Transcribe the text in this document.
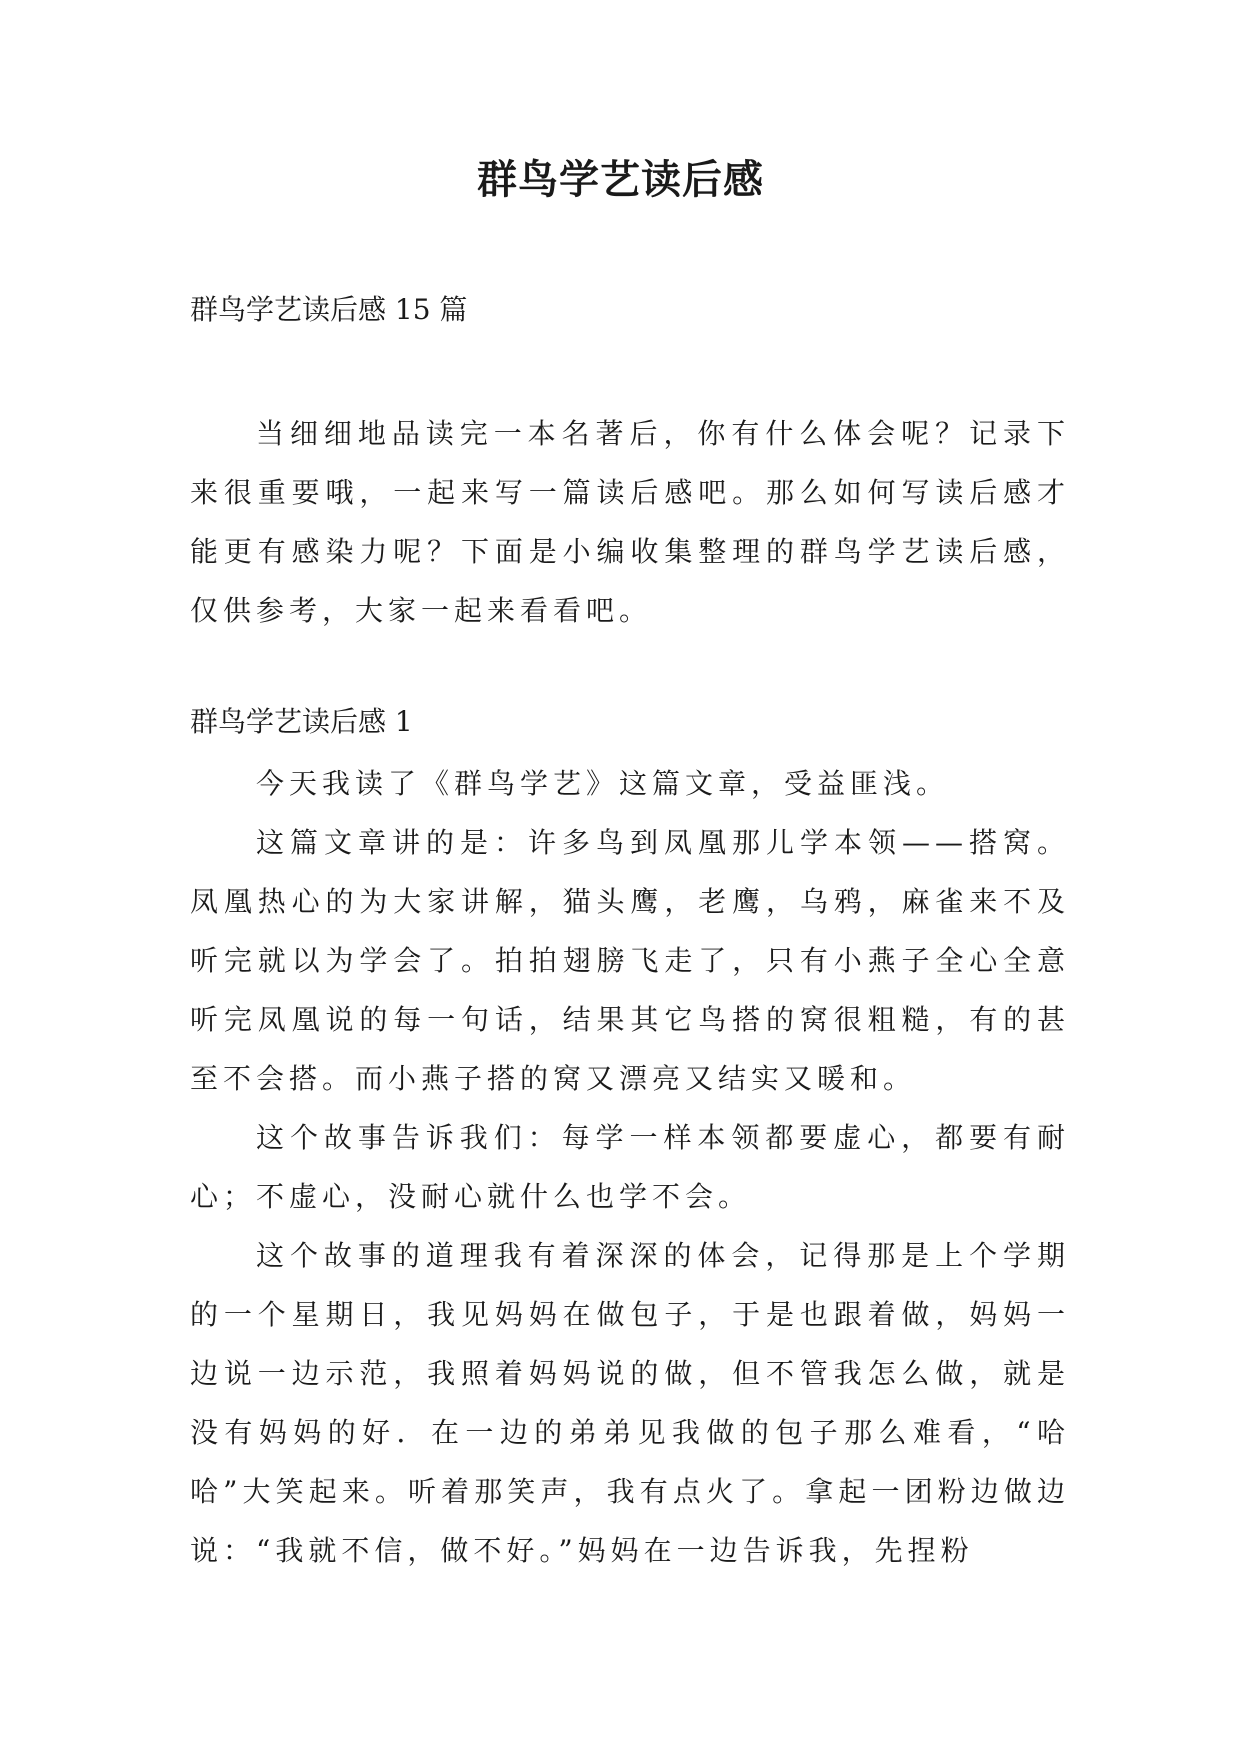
群鸟学艺读后感

群鸟学艺读后感 15 篇

当细细地品读完一本名著后，你有什么体会呢？记录下来很重要哦，一起来写一篇读后感吧。那么如何写读后感才能更有感染力呢？下面是小编收集整理的群鸟学艺读后感，仅供参考，大家一起来看看吧。

群鸟学艺读后感 1

今天我读了《群鸟学艺》这篇文章，受益匪浅。

这篇文章讲的是：许多鸟到凤凰那儿学本领——搭窝。凤凰热心的为大家讲解，猫头鹰，老鹰，乌鸦，麻雀来不及听完就以为学会了。拍拍翅膀飞走了，只有小燕子全心全意听完凤凰说的每一句话，结果其它鸟搭的窝很粗糙，有的甚至不会搭。而小燕子搭的窝又漂亮又结实又暖和。

这个故事告诉我们：每学一样本领都要虚心，都要有耐心；不虚心，没耐心就什么也学不会。

这个故事的道理我有着深深的体会，记得那是上个学期的一个星期日，我见妈妈在做包子，于是也跟着做，妈妈一边说一边示范，我照着妈妈说的做，但不管我怎么做，就是没有妈妈的好．在一边的弟弟见我做的包子那么难看，“哈哈”大笑起来。听着那笑声，我有点火了。拿起一团粉边做边说：“我就不信，做不好。”妈妈在一边告诉我，先捏粉
